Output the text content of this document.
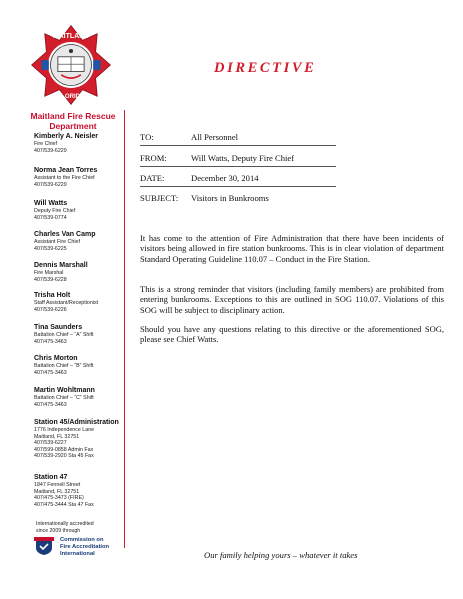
MAITLAND
FLORIDA
Maitland Fire Rescue
Department
Kimberly A. Neisler
Fire Chief
407/539-6229
Norma Jean Torres
Assistant to the Fire Chief
407/539-6229
Will Watts
Deputy Fire Chief
407/539-0774
Charles Van Camp
Assistant Fire Chief
407/539-6225
Dennis Marshall
Fire Marshal
407/539-6228
Trisha Holt
Staff Assistant/Receptionist
407/539-6226
Tina Saunders
Battalion Chief – “A” Shift
407/475-3463
Chris Morton
Battalion Chief – “B” Shift
407/475-3463
Martin Wohltmann
Battalion Chief – “C” Shift
407/475-3463
Station 45/Administration
1776 Independence Lane
Maitland, FL 32751
407/539-6227
407/599-0858 Admin Fax
407/539-2920 Sta 45 Fax
Station 47
1847 Fennell Street
Maitland, FL 32751
407/475-3473 (FIRE)
407/475-3444 Sta 47 Fax
Internationally accredited
since 2009 through
Commission on
Fire Accreditation
International
DIRECTIVE
TO:	All Personnel
FROM:	Will Watts, Deputy Fire Chief
DATE:	December 30, 2014
SUBJECT: Visitors in Bunkrooms
It has come to the attention of Fire Administration that there have been incidents of visitors being allowed in fire station bunkrooms. This is in clear violation of department Standard Operating Guideline 110.07 – Conduct in the Fire Station.
This is a strong reminder that visitors (including family members) are prohibited from entering bunkrooms. Exceptions to this are outlined in SOG 110.07. Violations of this SOG will be subject to disciplinary action.
Should you have any questions relating to this directive or the aforementioned SOG, please see Chief Watts.
Our family helping yours – whatever it takes
